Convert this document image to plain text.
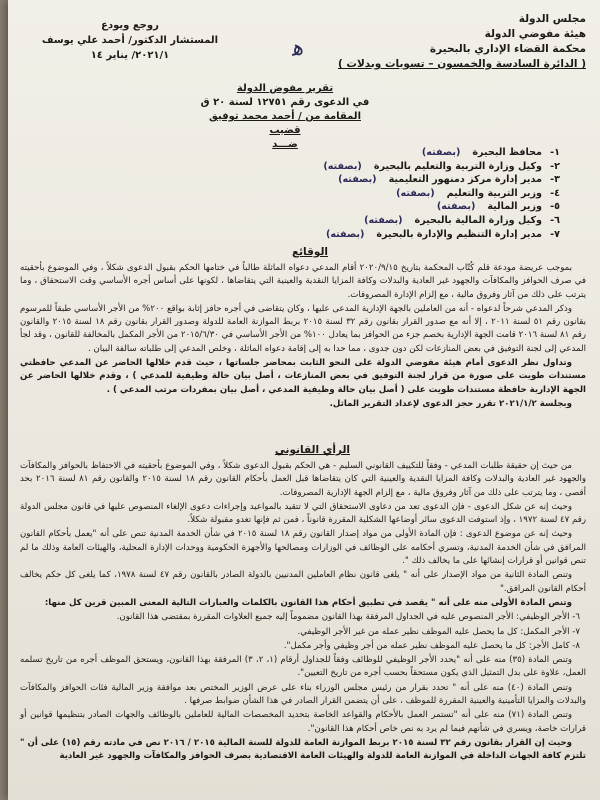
مجلس الدولة
هيئة مفوضي الدولة
محكمة القضاء الإداري بالبحيرة
( الدائرة السادسة والخمسون – تسويات وبدلات )
ﻫ‍
روجع ويودع
المستشار الدكتور/ أحمد علي يوسف
٢٠٢١/١/ يناير ١٤
تقرير مفوض الدولة
في الدعوى رقم ١٢٧٥١ لسنة ٢٠ ق
المقامة من / أحمد محمد توفيق قضيب
ضـــد
١-
محافظ البحيرة
(بصفته)
٢-
وكيل وزارة التربية والتعليم بالبحيرة
(بصفته)
٣-
مدير إدارة مركز دمنهور التعليمية
(بصفته)
٤-
وزير التربية والتعليم
(بصفته)
٥-
وزير المالية
(بصفته)
٦-
وكيل وزارة المالية بالبحيرة
(بصفته)
٧-
مدير إدارة التنظيم والإدارة بالبحيرة
(بصفته)
الوقائع

بموجب عريضة مودعة قلم كُتّاب المحكمة بتاريخ ٢٠٢٠/٩/١٥ أقام المدعي دعواه الماثلة طالباً في ختامها الحكم بقبول الدعوى شكلاً ، وفي الموضوع بأحقيته في صرف الحوافز والمكافآت والجهود غير العادية والبدلات وكافة المزايا النقدية والعينية التي يتقاضاها ، لكونها على أساس أجره الأساسي وقت الاستحقاق ، وما يترتب على ذلك من آثار وفروق مالية ، مع إلزام الإدارة المصروفات.

وذكر المدعي شرحاً لدعواه - أنه من العاملين بالجهة الإدارية المدعى عليها ، وكان يتقاضى في أجره حافز إثابة بواقع ٢٠٠% من الأجر الأساسي طبقاً للمرسوم بقانون رقم ٥١ لسنة ٢٠١١ ، إلا أنه مع صدور القرار بقانون رقم ٣٢ لسنة ٢٠١٥ بربط الموازنة العامة للدولة وصدور القرار بقانون رقم ١٨ لسنة ٢٠١٥ والقانون رقم ٨١ لسنة ٢٠١٦ قامت الجهة الإدارية بخصم جزء من الحوافز بما يعادل ١٠٠% من الأجر الأساسي في ٢٠١٥/٦/٣٠ من الأجر المكمل بالمخالفة للقانون ، وقد لجأ المدعي إلى لجنة التوفيق في بعض المنازعات لكن دون جدوى ، مما حدا به إلى إقامة دعواه الماثلة ، وخلص المدعي إلى طلباته سالفة البيان .

وتداول نظر الدعوى أمام هيئة مفوضي الدولة على النحو الثابت بمحاضر جلساتها ، حيث قدم خلالها الحاضر عن المدعي حافظتي مستندات طويت على صورة من قرار لجنة التوفيق في بعض المنازعات ، أصل بيان حالة وظيفية للمدعي ) ، وقدم خلالها الحاضر عن الجهة الإدارية حافظة مستندات طويت على ( أصل بيان حالة وظيفية المدعي ، أصل بيان بمفردات مرتب المدعي ) .

وبجلسة ٢٠٢١/١/٢ تقرر حجز الدعوى لإعداد التقرير الماثل.

الرأي القانوني

من حيث إن حقيقة طلبات المدعي - وفقاً للتكييف القانوني السليم - هي الحكم بقبول الدعوى شكلاً ، وفي الموضوع بأحقيته في الاحتفاظ بالحوافز والمكافآت والجهود غير العادية والبدلات وكافة المزايا النقدية والعينية التي كان يتقاضاها قبل العمل بأحكام القانون رقم ١٨ لسنة ٢٠١٥ والقانون رقم ٨١ لسنة ٢٠١٦ بحد أقصى ، وما يترتب على ذلك من آثار وفروق مالية ، مع إلزام الجهة الإدارية المصروفات.

وحيث إنه عن شكل الدعوى - فإن الدعوى تعد من دعاوى الاستحقاق التي لا تتقيد بالمواعيد وإجراءات دعوى الإلغاء المنصوص عليها في قانون مجلس الدولة رقم ٤٧ لسنة ١٩٧٢ ، وإذ استوفت الدعوى سائر أوضاعها الشكلية المقررة قانوناً ، فمن ثم فإنها تغدو مقبولة شكلاً.

وحيث إنه عن موضوع الدعوى : فإن المادة الأولى من مواد إصدار القانون رقم ١٨ لسنة ٢٠١٥ في شأن الخدمة المدنية تنص على أنه "يعمل بأحكام القانون المرافق في شأن الخدمة المدنية، وتسري أحكامه على الوظائف في الوزارات ومصالحها والأجهزة الحكومية ووحدات الإدارة المحلية، والهيئات العامة وذلك ما لم تنص قوانين أو قرارات إنشائها على ما يخالف ذلك ".

وتنص المادة الثانية من مواد الإصدار على أنه " يلغى قانون نظام العاملين المدنيين بالدولة الصادر بالقانون رقم ٤٧ لسنة ١٩٧٨، كما يلغى كل حكم يخالف أحكام القانون المرافق."

وتنص المادة الأولى منه على أنه " يقصد في تطبيق أحكام هذا القانون بالكلمات والعبارات التالية المعنى المبين قرين كل منها:

٦- الأجر الوظيفي: الأجر المنصوص عليه في الجداول المرفقة بهذا القانون مضموماً إليه جميع العلاوات المقررة بمقتضى هذا القانون.

٧- الأجر المكمل: كل ما يحصل عليه الموظف نظير عمله من غير الأجر الوظيفي.

٨- كامل الأجر: كل ما يحصل عليه الموظف نظير عمله من أجر وظيفي وأجر مكمل".

وتنص المادة (٣٥) منه على أنه "يحدد الأجر الوظيفي للوظائف وفقاً للجداول أرقام (١، ٢، ٣) المرفقة بهذا القانون، ويستحق الموظف أجره من تاريخ تسلمه العمل، علاوة على بدل التمثيل الذي يكون مستحقاً بحسب أجره من تاريخ التعيين".

وتنص المادة (٤٠) منه على أنه " تحدد بقرار من رئيس مجلس الوزراء بناء على عرض الوزير المختص بعد موافقة وزير المالية فئات الحوافز والمكافآت والبدلات والمزايا التأمينية والعينية المقررة للموظف ، على أن يتضمن القرار الصادر في هذا الشأن ضوابط صرفها .

وتنص المادة (٧١) منه على أنه "تستمر العمل بالأحكام والقواعد الخاصة بتحديد المخصصات المالية للعاملين بالوظائف والجهات الصادر بتنظيمها قوانين أو قرارات خاصة، ويسري في شأنهم فيما لم يرد به نص خاص أحكام هذا القانون".

وحيث إن القرار بقانون رقم ٣٢ لسنة ٢٠١٥ بربط الموازنة العامة للدولة للسنة المالية ٢٠١٥ / ٢٠١٦ نص في مادته رقم (١٥) على أن " تلتزم كافة الجهات الداخلة في الموازنة العامة للدولة والهيئات العامة الاقتصادية بصرف الحوافز والمكافآت والجهود غير العادية
